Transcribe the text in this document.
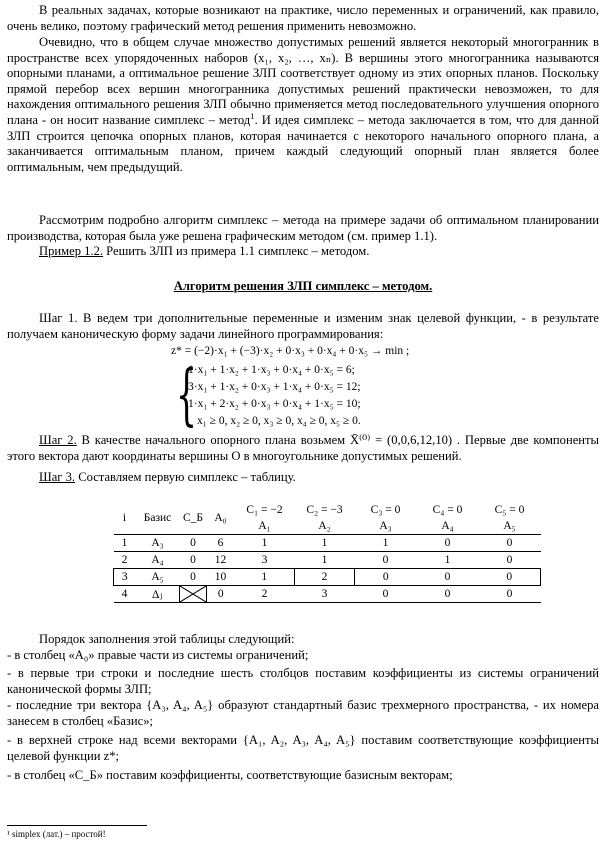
В реальных задачах, которые возникают на практике, число переменных и ограничений, как правило, очень велико, поэтому графический метод решения применить невозможно.

Очевидно, что в общем случае множество допустимых решений является некоторый многогранник в пространстве всех упорядоченных наборов (x₁, x₂, …, xₙ). В вершины этого многогранника называются опорными планами, а оптимальное решение ЗЛП соответствует одному из этих опорных планов. Поскольку прямой перебор всех вершин многогранника допустимых решений практически невозможен, то для нахождения оптимального решения ЗЛП обычно применяется метод последовательного улучшения опорного плана - он носит название симплекс – метод$^1$. И идея симплекс – метода заключается в том, что для данной ЗЛП строится цепочка опорных планов, которая начинается с некоторого начального опорного плана, а заканчивается оптимальным планом, причем каждый следующий опорный план является более оптимальным, чем предыдущий.

Рассмотрим подробно алгоритм симплекс – метода на примере задачи об оптимальном планировании производства, которая была уже решена графическим методом (см. пример 1.1).

Пример 1.2. Решить ЗЛП из примера 1.1 симплекс – методом.

Алгоритм решения ЗЛП симплекс – методом.

Шаг 1. В ведем три дополнительные переменные и изменим знак целевой функции, - в результате получаем каноническую форму задачи линейного программирования:

z* = (−2)·x₁ + (−3)·x₂ + 0·x₃ + 0·x₄ + 0·x₅ → min ;
{
1·x₁ + 1·x₂ + 1·x₃ + 0·x₄ + 0·x₅ = 6;
3·x₁ + 1·x₂ + 0·x₃ + 1·x₄ + 0·x₅ = 12;
1·x₁ + 2·x₂ + 0·x₃ + 0·x₄ + 1·x₅ = 10;
x₁ ≥ 0, x₂ ≥ 0, x₃ ≥ 0, x₄ ≥ 0, x₅ ≥ 0.

Шаг 2. В качестве начального опорного плана возьмем X̄⁽⁰⁾ = (0,0,6,12,10) . Первые две компоненты этого вектора дают координаты вершины O в многоугольнике допустимых решений.

Шаг 3. Составляем первую симплекс – таблицу.

i	Базис	C_Б	A₀	C₁ = −2	C₂ = −3	C₃ = 0	C₄ = 0	C₅ = 0
				A₁	A₂	A₃	A₄	A₅
1	A₃	0	6	1	1	1	0	0
2	A₄	0	12	3	1	0	1	0
3	A₅	0	10	1	2	0	0	0
4	Δⱼ		0	2	3	0	0	0

Порядок заполнения этой таблицы следующий:

- в столбец «A₀» правые части из системы ограничений;

- в первые три строки и последние шесть столбцов поставим коэффициенты из системы ограничений канонической формы ЗЛП;

- последние три вектора {A₃, A₄, A₅} образуют стандартный базис трехмерного пространства, - их номера занесем в столбец «Базис»;

- в верхней строке над всеми векторами {A₁, A₂, A₃, A₄, A₅} поставим соответствующие коэффициенты целевой функции z*;

- в столбец «C_Б» поставим коэффициенты, соответствующие базисным векторам;

¹ simplex (лат.) – простой!
